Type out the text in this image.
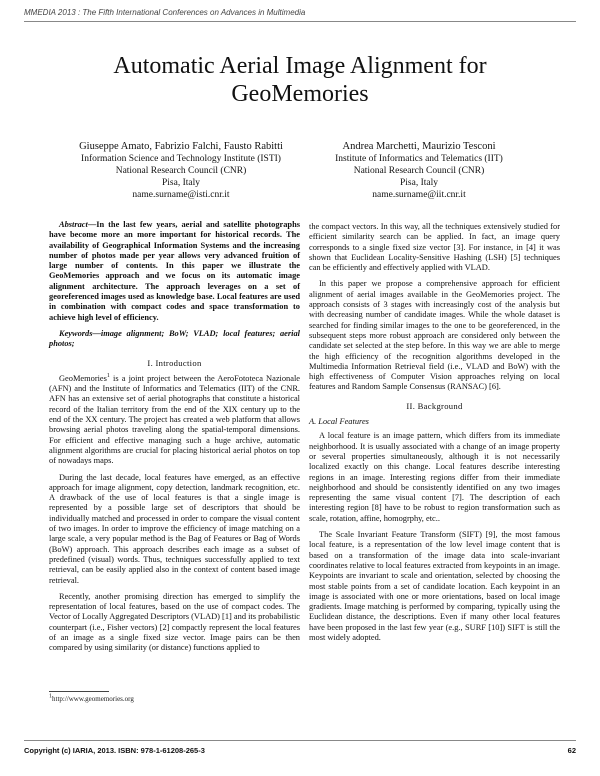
MMEDIA 2013 : The Fifth International Conferences on Advances in Multimedia
Automatic Aerial Image Alignment for GeoMemories
Giuseppe Amato, Fabrizio Falchi, Fausto Rabitti
Information Science and Technology Institute (ISTI)
National Research Council (CNR)
Pisa, Italy
name.surname@isti.cnr.it
Andrea Marchetti, Maurizio Tesconi
Institute of Informatics and Telematics (IIT)
National Research Council (CNR)
Pisa, Italy
name.surname@iit.cnr.it

Abstract—In the last few years, aerial and satellite photographs have become more an more important for historical records. The availability of Geographical Information Systems and the increasing number of photos made per year allows very advanced fruition of large number of contents. In this paper we illustrate the GeoMemories approach and we focus on its automatic image alignment architecture. The approach leverages on a set of georeferenced images used as knowledge base. Local features are used in combination with compact codes and space transformation to achieve high level of efficiency.

Keywords—image alignment; BoW; VLAD; local features; aerial photos;

I. Introduction

GeoMemories$^1$ is a joint project between the AeroFototeca Nazionale (AFN) and the Institute of Informatics and Telematics (IIT) of the CNR. AFN has an extensive set of aerial photographs that constitute a historical record of the Italian territory from the end of the XIX century up to the end of the XX century. The project has created a web platform that allows browsing aerial photos traveling along the spatial-temporal dimensions. For efficient and effective managing such a huge archive, automatic alignment algorithms are crucial for placing historical aerial photos on top of nowadays maps.

During the last decade, local features have emerged, as an effective approach for image alignment, copy detection, landmark recognition, etc. A drawback of the use of local features is that a single image is represented by a possible large set of descriptors that should be individually matched and processed in order to compare the visual content of two images. In order to improve the efficiency of image matching on a large scale, a very popular method is the Bag of Features or Bag of Words (BoW) approach. This approach describes each image as a subset of predefined (visual) words. Thus, techniques successfully applied to text retrieval, can be easily applied also in the context of content based image retrieval.

Recently, another promising direction has emerged to simplify the representation of local features, based on the use of compact codes. The Vector of Locally Aggregated Descriptors (VLAD) [1] and its probabilistic counterpart (i.e., Fisher vectors) [2] compactly represent the local features of an image as a single fixed size vector. Image pairs can be then compared by using similarity (or distance) functions applied to

the compact vectors. In this way, all the techniques extensively studied for efficient similarity search can be applied. In fact, an image query corresponds to a single fixed size vector [3]. For instance, in [4] it was shown that Euclidean Locality-Sensitive Hashing (LSH) [5] techniques can be efficiently and effectively applied with VLAD.

In this paper we propose a comprehensive approach for efficient alignment of aerial images available in the GeoMemories project. The approach consists of 3 stages with increasingly cost of the analysis but with decreasing number of candidate images. While the whole dataset is searched for finding similar images to the one to be georeferenced, in the subsequent steps more robust approach are considered only between the candidate set selected at the step before. In this way we are able to merge the high efficiency of the recognition algorithms developed in the Multimedia Information Retrieval field (i.e., VLAD and BoW) with the high effectiveness of Computer Vision approaches relying on local features and Random Sample Consensus (RANSAC) [6].

II. Background
A. Local Features

A local feature is an image pattern, which differs from its immediate neighborhood. It is usually associated with a change of an image property or several properties simultaneously, although it is not necessarily localized exactly on this change. Local features describe interesting regions in an image. Interesting regions differ from their immediate neighborhood and should be consistently identified on any two images representing the same visual content [7]. The description of each interesting region [8] have to be robust to region transformation such as scale, rotation, affine, homogrphy, etc..

The Scale Invariant Feature Transform (SIFT) [9], the most famous local feature, is a representation of the low level image content that is based on a transformation of the image data into scale-invariant coordinates relative to local features extracted from keypoints in an image. Keypoints are invariant to scale and orientation, selected by choosing the most stable points from a set of candidate location. Each keypoint in an image is associated with one or more orientations, based on local image gradients. Image matching is performed by comparing, typically using the Euclidean distance, the descriptions. Even if many other local features have been proposed in the last few year (e.g., SURF [10]) SIFT is still the most widely adopted.

$^1$http://www.geomemories.org
Copyright (c) IARIA, 2013. ISBN: 978-1-61208-265-3	62
